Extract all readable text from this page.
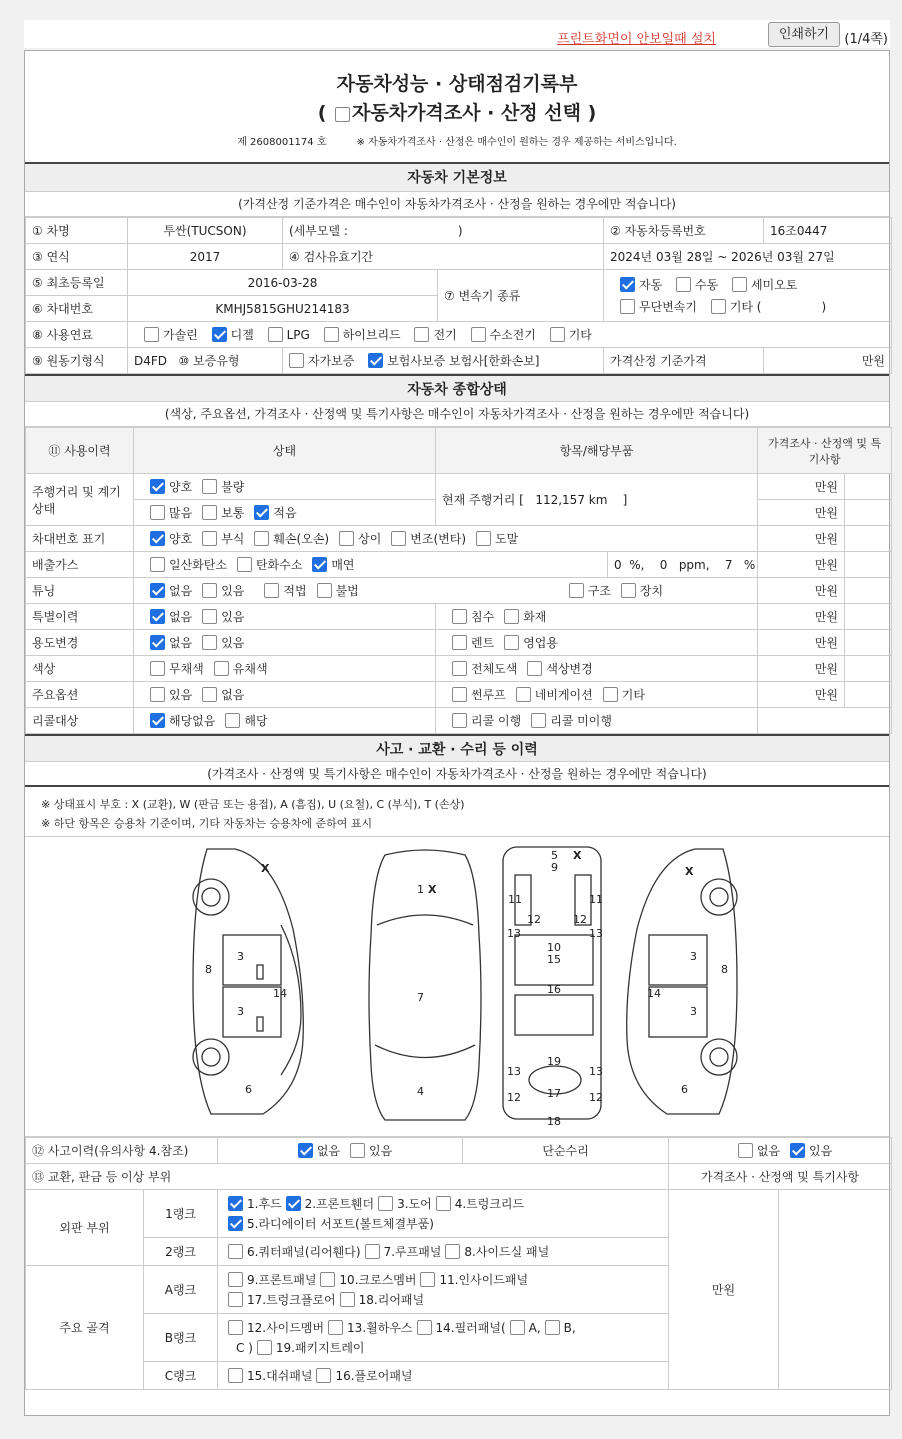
프린트화면이 안보일때 설치	인쇄하기	(1/4쪽)
자동차성능 · 상태점검기록부
( 자동차가격조사 · 산정 선택 )
제 2608001174 호	※ 자동차가격조사 · 산정은 매수인이 원하는 경우 제공하는 서비스입니다.
자동차 기본정보
(가격산정 기준가격은 매수인이 자동차가격조사 · 산정을 원하는 경우에만 적습니다)
① 차명	투싼(TUCSON)	(세부모델 : )		② 자동차등록번호	16조0447
③ 연식	2017	④ 검사유효기간		2024년 03월 28일 ~ 2026년 03월 27일	
⑤ 최초등록일	2016-03-28		⑦ 변속기 종류	자동 수동 세미오토
무단변속기 기타 ( )	
⑥ 차대번호	KMHJ5815GHU214183				
⑧ 사용연료	가솔린 디젤 LPG 하이브리드 전기 수소전기 기타				
⑨ 원동기형식	D4FD ⑩ 보증유형	자가보증 보험사보증 보험사[한화손보]		가격산정 기준가격	만원
자동차 종합상태
(색상, 주요옵션, 가격조사 · 산정액 및 특기사항은 매수인이 자동차가격조사 · 산정을 원하는 경우에만 적습니다)
⑪ 사용이력	상태	항목/해당부품		가격조사 · 산정액 및 특기사항	
주행거리 및 계기상태	양호 불량	현재 주행거리 [ 112,157 km ]		만원	
	많음 보통 적음			만원	
차대번호 표기	양호 부식 훼손(오손) 상이 변조(변타) 도말			만원	
배출가스	일산화탄소 탄화수소 매연		0  %,    0   ppm,    7   %	만원	
튜닝	없음 있음 적법 불법 구조 장치			만원	
특별이력	없음 있음	침수 화재		만원	
용도변경	없음 있음	렌트 영업용		만원	
색상	무채색 유채색	전체도색 색상변경		만원	
주요옵션	있음 없음	썬루프 네비게이션 기타		만원	
리콜대상	해당없음 해당	리콜 이행 리콜 미이행			
사고 · 교환 · 수리 등 이력
(가격조사 · 산정액 및 특기사항은 매수인이 자동차가격조사 · 산정을 원하는 경우에만 적습니다)
※ 상태표시 부호 : X (교환), W (판금 또는 용접), A (흠집), U (요철), C (부식), T (손상)
※ 하단 항목은 승용차 기준이며, 기타 자동차는 승용차에 준하여 표시
X
3
3
8
14
6
1 X
7
4
5 X
9
11	11
12	12
13	13
10
15
16
19
13	13
12	12
17
18
X
3
3
8
14
6
⑫ 사고이력(유의사항 4.참조)		없음 있음	단순수리	없음 있음	
⑬ 교환, 판금 등 이상 부위				가격조사 · 산정액 및 특기사항	
외판 부위	1랭크	1.후드 2.프론트휀더 3.도어 4.트렁크리드
5.라디에이터 서포트(볼트체결부품)		만원	
	2랭크	6.쿼터패널(리어휀다) 7.루프패널 8.사이드실 패널			
주요 골격	A랭크	9.프론트패널 10.크로스멤버 11.인사이드패널
17.트렁크플로어 18.리어패널			
	B랭크	12.사이드멤버 13.휠하우스 14.필러패널( A, B,
C ) 19.패키지트레이			
	C랭크	15.대쉬패널 16.플로어패널			
